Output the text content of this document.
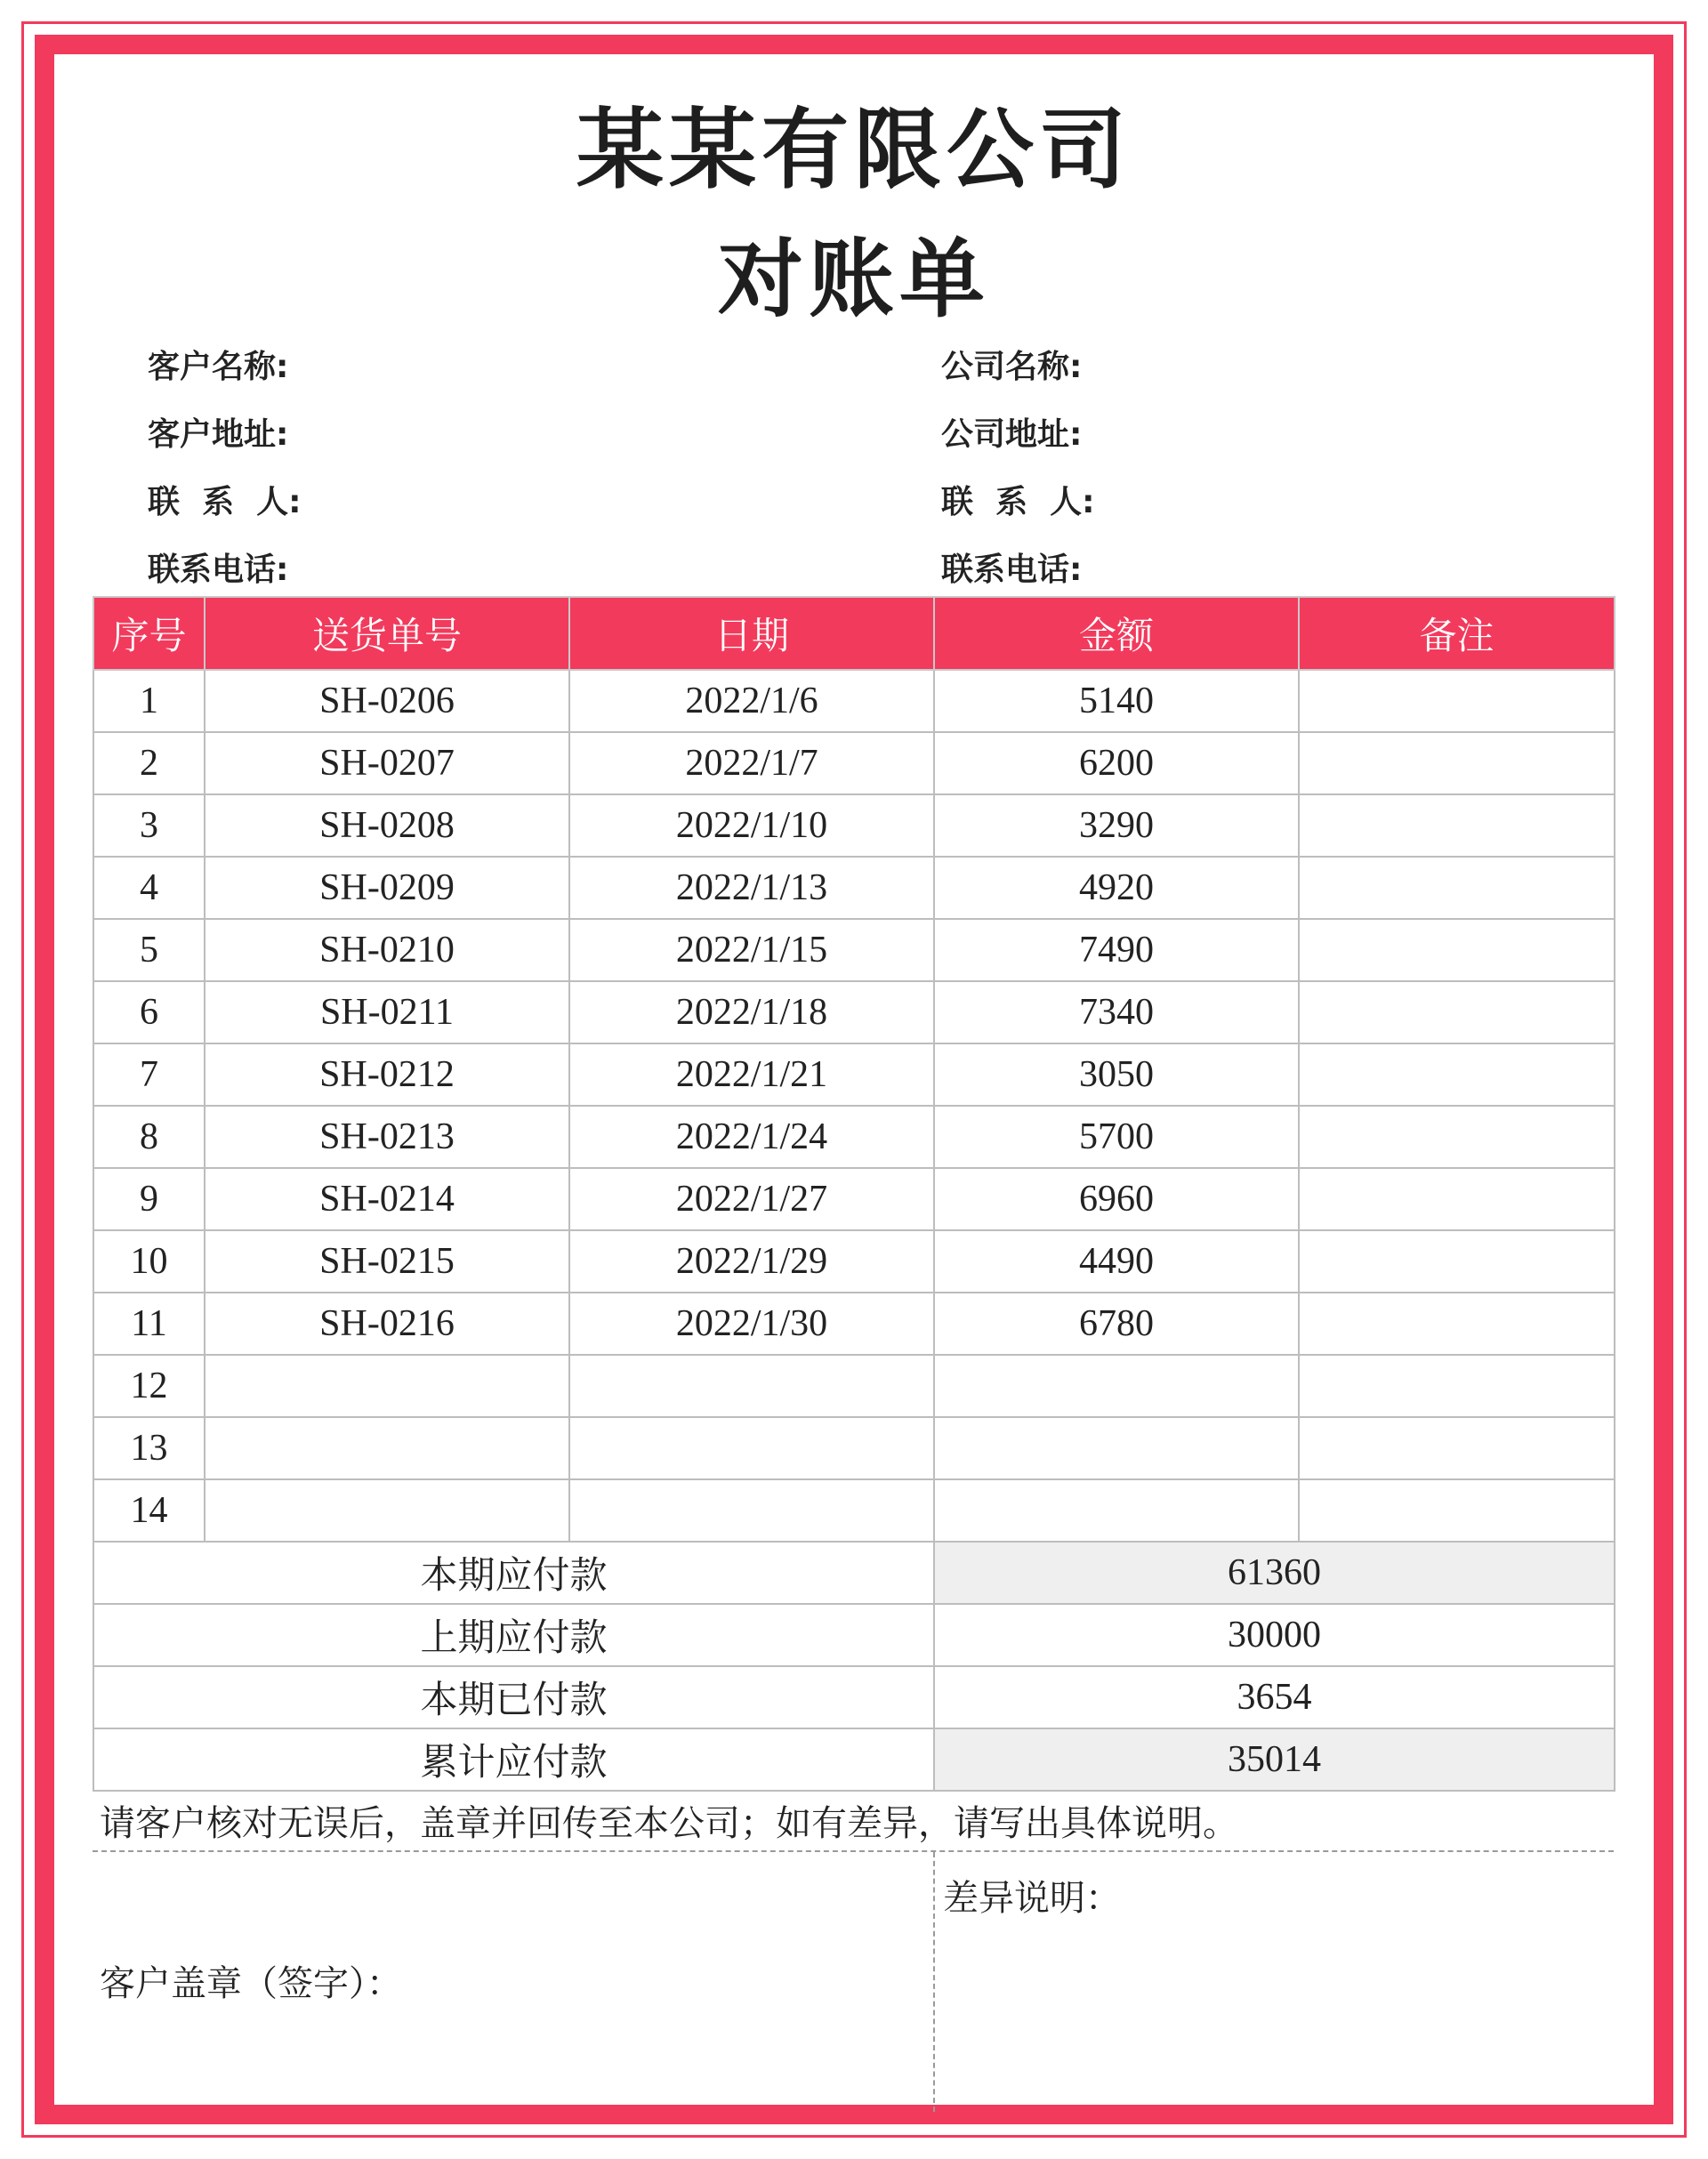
某某有限公司
对账单
客户名称:
客户地址:
联  系  人:
联系电话:
公司名称:
公司地址:
联  系  人:
联系电话:
序号	送货单号	日期	金额	备注
1	SH-0206	2022/1/6	5140	
2	SH-0207	2022/1/7	6200	
3	SH-0208	2022/1/10	3290	
4	SH-0209	2022/1/13	4920	
5	SH-0210	2022/1/15	7490	
6	SH-0211	2022/1/18	7340	
7	SH-0212	2022/1/21	3050	
8	SH-0213	2022/1/24	5700	
9	SH-0214	2022/1/27	6960	
10	SH-0215	2022/1/29	4490	
11	SH-0216	2022/1/30	6780	
12				
13				
14				
本期应付款			61360	
上期应付款			30000	
本期已付款			3654	
累计应付款			35014	
请客户核对无误后，盖章并回传至本公司；如有差异，请写出具体说明。
客户盖章（签字）：
差异说明：
